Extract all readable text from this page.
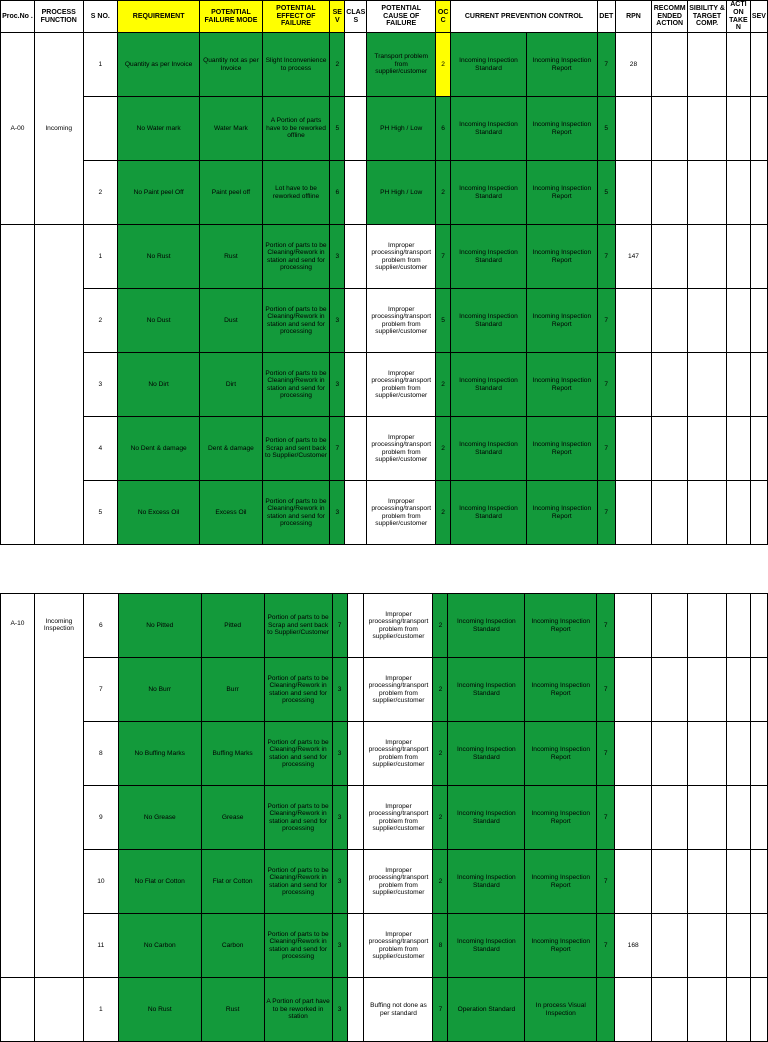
Proc.No .	PROCESS FUNCTION	S NO.	REQUIREMENT	POTENTIAL FAILURE MODE	POTENTIAL EFFECT OF FAILURE	SE V	CLAS S	POTENTIAL CAUSE OF FAILURE	OC C	CURRENT PREVENTION CONTROL		DET	RPN	RECOMM ENDED ACTION	SIBILITY & TARGET COMP.	ACTI ON TAKE N	SEV
A-00	Incoming	1	Quantity as per Invoice	Quantity not as per Invoice	Slight Inconvenience to process	2		Transport problem from supplier/customer	2	Incoming Inspection Standard	Incoming Inspection Report	7	28				
			No Water mark	Water Mark	A Portion of parts have to be reworked offline	5		PH High / Low	6	Incoming Inspection Standard	Incoming Inspection Report	5					
		2	No Paint peel Off	Paint peel off	Lot have to be reworked offline	6		PH High / Low	2	Incoming Inspection Standard	Incoming Inspection Report	5					
		1	No Rust	Rust	Portion of parts to be Cleaning/Rework in station and send for processing	3		Improper processing/transport problem from supplier/customer	7	Incoming Inspection Standard	Incoming Inspection Report	7	147				
		2	No Dust	Dust	Portion of parts to be Cleaning/Rework in station and send for processing	3		Improper processing/transport problem from supplier/customer	5	Incoming Inspection Standard	Incoming Inspection Report	7					
		3	No Dirt	Dirt	Portion of parts to be Cleaning/Rework in station and send for processing	3		Improper processing/transport problem from supplier/customer	2	Incoming Inspection Standard	Incoming Inspection Report	7					
		4	No Dent & damage	Dent & damage	Portion of parts to be Scrap and sent back to Supplier/Customer	7		Improper processing/transport problem from supplier/customer	2	Incoming Inspection Standard	Incoming Inspection Report	7					
		5	No Excess Oil	Excess Oil	Portion of parts to be Cleaning/Rework in station and send for processing	3		Improper processing/transport problem from supplier/customer	2	Incoming Inspection Standard	Incoming Inspection Report	7					
A-10	Incoming Inspection	6	No Pitted	Pitted	Portion of parts to be Scrap and sent back to Supplier/Customer	7		Improper processing/transport problem from supplier/customer	2	Incoming Inspection Standard	Incoming Inspection Report	7					
		7	No Burr	Burr	Portion of parts to be Cleaning/Rework in station and send for processing	3		Improper processing/transport problem from supplier/customer	2	Incoming Inspection Standard	Incoming Inspection Report	7					
		8	No Buffing Marks	Buffing Marks	Portion of parts to be Cleaning/Rework in station and send for processing	3		Improper processing/transport problem from supplier/customer	2	Incoming Inspection Standard	Incoming Inspection Report	7					
		9	No Grease	Grease	Portion of parts to be Cleaning/Rework in station and send for processing	3		Improper processing/transport problem from supplier/customer	2	Incoming Inspection Standard	Incoming Inspection Report	7					
		10	No Flat or Cotton	Flat or Cotton	Portion of parts to be Cleaning/Rework in station and send for processing	3		Improper processing/transport problem from supplier/customer	2	Incoming Inspection Standard	Incoming Inspection Report	7					
		11	No Carbon	Carbon	Portion of parts to be Cleaning/Rework in station and send for processing	3		Improper processing/transport problem from supplier/customer	8	Incoming Inspection Standard	Incoming Inspection Report	7	168				
		1	No Rust	Rust	A Portion of part have to be reworked in station	3		Buffing not done as per standard	7	Operation Standard	In process Visual Inspection						
